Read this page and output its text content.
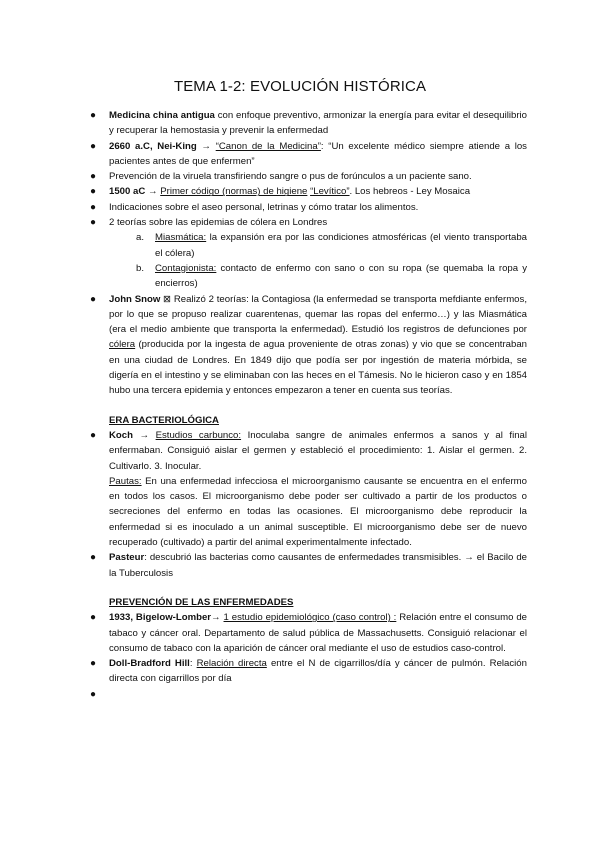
TEMA 1-2: EVOLUCIÓN HISTÓRICA
● Medicina china antigua con enfoque preventivo, armonizar la energía para evitar el desequilibrio y recuperar la hemostasia y prevenir la enfermedad
● 2660 a.C, Nei-King → “Canon de la Medicina”: “Un excelente médico siempre atiende a los pacientes antes de que enfermen”
● Prevención de la viruela transfiriendo sangre o pus de forúnculos a un paciente sano.
● 1500 aC → Primer código (normas) de higiene “Levítico”. Los hebreos - Ley Mosaica
● Indicaciones sobre el aseo personal, letrinas y cómo tratar los alimentos.
● 2 teorías sobre las epidemias de cólera en Londres
a. Miasmática: la expansión era por las condiciones atmosféricas (el viento transportaba el cólera)
b. Contagionista: contacto de enfermo con sano o con su ropa (se quemaba la ropa y encierros)
● John Snow ⊠ Realizó 2 teorías: la Contagiosa (la enfermedad se transporta mefdiante enfermos, por lo que se propuso realizar cuarentenas, quemar las ropas del enfermo…) y las Miasmática (era el medio ambiente que transporta la enfermedad). Estudió los registros de defunciones por cólera (producida por la ingesta de agua proveniente de otras zonas) y vio que se concentraban en una ciudad de Londres. En 1849 dijo que podía ser por ingestión de materia mórbida, se digería en el intestino y se eliminaban con las heces en el Támesis. No le hicieron caso y en 1854 hubo una tercera epidemia y entonces empezaron a tener en cuenta sus teorías.
ERA BACTERIOLÓGICA
● Koch → Estudios carbunco: Inoculaba sangre de animales enfermos a sanos y al final enfermaban. Consiguió aislar el germen y estableció el procedimiento: 1. Aislar el germen. 2. Cultivarlo. 3. Inocular.
Pautas: En una enfermedad infecciosa el microorganismo causante se encuentra en el enfermo en todos los casos. El microorganismo debe poder ser cultivado a partir de los productos o secreciones del enfermo en todas las ocasiones. El microorganismo debe reproducir la enfermedad si es inoculado a un animal susceptible. El microorganismo debe ser de nuevo recuperado (cultivado) a partir del animal experimentalmente infectado.
● Pasteur: descubrió las bacterias como causantes de enfermedades transmisibles. → el Bacilo de la Tuberculosis
PREVENCIÓN DE LAS ENFERMEDADES
● 1933, Bigelow-Lomber→ 1 estudio epidemiológico (caso control) : Relación entre el consumo de tabaco y cáncer oral. Departamento de salud pública de Massachusetts. Consiguió relacionar el consumo de tabaco con la aparición de cáncer oral mediante el uso de estudios caso-control.
● Doll-Bradford Hill: Relación directa entre el N de cigarrillos/día y cáncer de pulmón. Relación directa con cigarrillos por día
●
